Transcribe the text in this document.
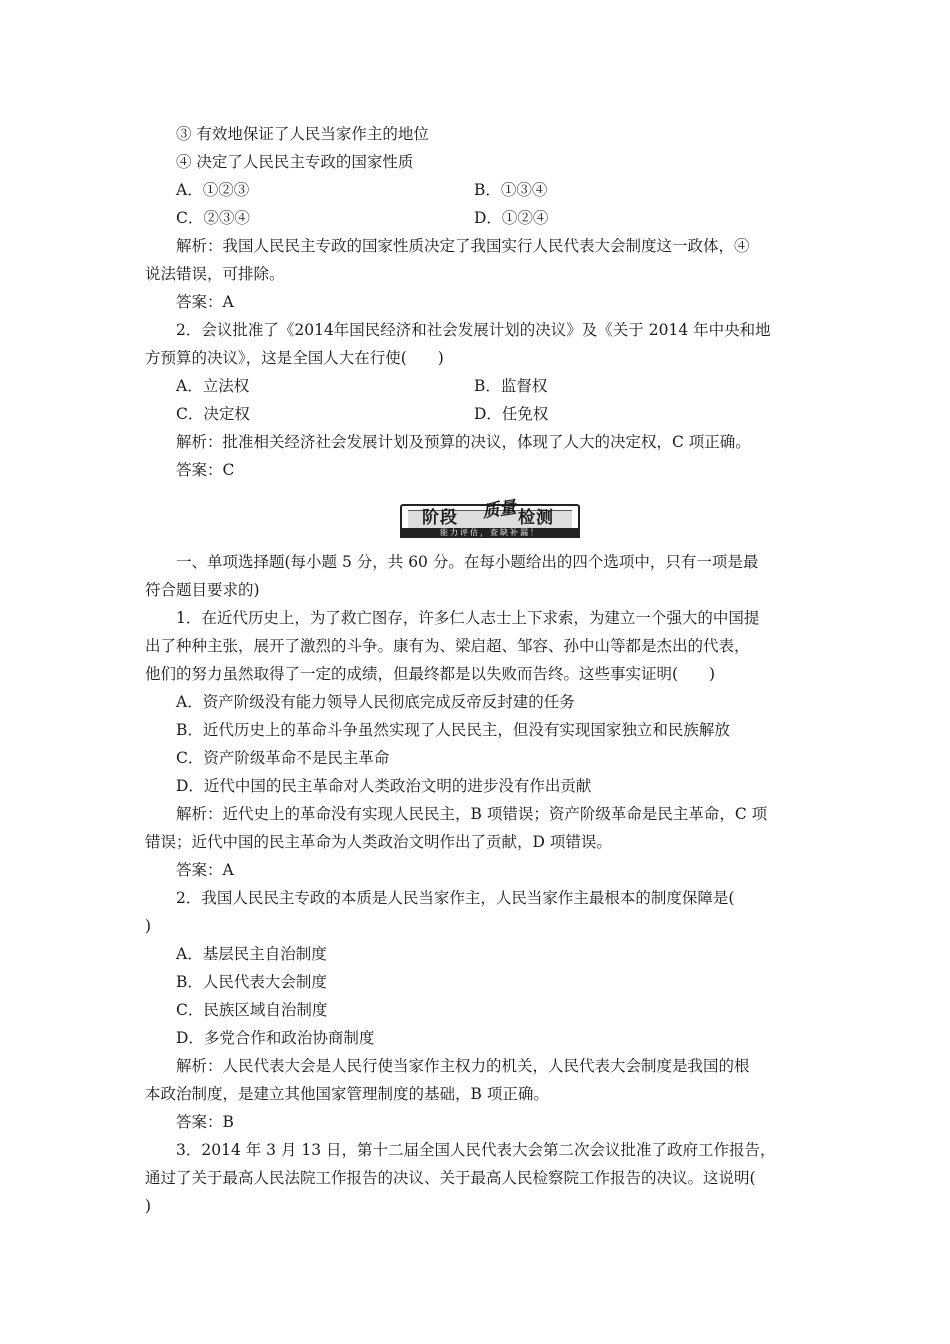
③ 有效地保证了人民当家作主的地位
④ 决定了人民民主专政的国家性质
A．①②③	B．①③④
C．②③④	D．①②④
解析：我国人民民主专政的国家性质决定了我国实行人民代表大会制度这一政体，④
说法错误，可排除。
答案：A
2．会议批准了《2014年国民经济和社会发展计划的决议》及《关于 2014 年中央和地
方预算的决议》，这是全国人大在行使(　　)
A．立法权	B．监督权
C．决定权	D．任免权
解析：批准相关经济社会发展计划及预算的决议，体现了人大的决定权，C 项正确。
答案：C
阶段 质量 检测
能力评估，查缺补漏！
一、单项选择题(每小题 5 分，共 60 分。在每小题给出的四个选项中，只有一项是最
符合题目要求的)
1．在近代历史上，为了救亡图存，许多仁人志士上下求索，为建立一个强大的中国提
出了种种主张，展开了激烈的斗争。康有为、梁启超、邹容、孙中山等都是杰出的代表，
他们的努力虽然取得了一定的成绩，但最终都是以失败而告终。这些事实证明(　　)
A．资产阶级没有能力领导人民彻底完成反帝反封建的任务
B．近代历史上的革命斗争虽然实现了人民民主，但没有实现国家独立和民族解放
C．资产阶级革命不是民主革命
D．近代中国的民主革命对人类政治文明的进步没有作出贡献
解析：近代史上的革命没有实现人民民主，B 项错误；资产阶级革命是民主革命，C 项
错误；近代中国的民主革命为人类政治文明作出了贡献，D 项错误。
答案：A
2．我国人民民主专政的本质是人民当家作主，人民当家作主最根本的制度保障是(
)
A．基层民主自治制度
B．人民代表大会制度
C．民族区域自治制度
D．多党合作和政治协商制度
解析：人民代表大会是人民行使当家作主权力的机关，人民代表大会制度是我国的根
本政治制度，是建立其他国家管理制度的基础，B 项正确。
答案：B
3．2014 年 3 月 13 日，第十二届全国人民代表大会第二次会议批准了政府工作报告，
通过了关于最高人民法院工作报告的决议、关于最高人民检察院工作报告的决议。这说明(
)
